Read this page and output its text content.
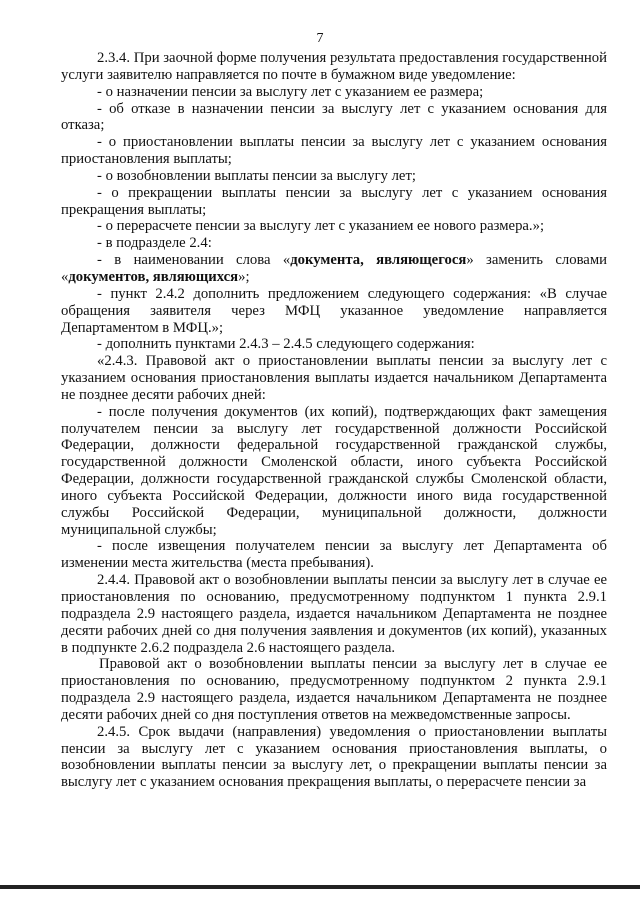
7

2.3.4. При заочной форме получения результата предоставления государственной услуги заявителю направляется по почте в бумажном виде уведомление:

- о назначении пенсии за выслугу лет с указанием ее размера;

- об отказе в назначении пенсии за выслугу лет с указанием основания для отказа;

- о приостановлении выплаты пенсии за выслугу лет с указанием основания приостановления выплаты;

- о возобновлении выплаты пенсии за выслугу лет;

- о прекращении выплаты пенсии за выслугу лет с указанием основания прекращения выплаты;

- о перерасчете пенсии за выслугу лет с указанием ее нового размера.»;

- в подразделе 2.4:

- в наименовании слова «документа, являющегося» заменить словами «документов, являющихся»;

- пункт 2.4.2 дополнить предложением следующего содержания: «В случае обращения заявителя через МФЦ указанное уведомление направляется Департаментом в МФЦ.»;

- дополнить пунктами 2.4.3 – 2.4.5 следующего содержания:

«2.4.3. Правовой акт о приостановлении выплаты пенсии за выслугу лет с указанием основания приостановления выплаты издается начальником Департамента не позднее десяти рабочих дней:

- после получения документов (их копий), подтверждающих факт замещения получателем пенсии за выслугу лет государственной должности Российской Федерации, должности федеральной государственной гражданской службы, государственной должности Смоленской области, иного субъекта Российской Федерации, должности государственной гражданской службы Смоленской области, иного субъекта Российской Федерации, должности иного вида государственной службы Российской Федерации, муниципальной должности, должности муниципальной службы;

- после извещения получателем пенсии за выслугу лет Департамента об изменении места жительства (места пребывания).

2.4.4. Правовой акт о возобновлении выплаты пенсии за выслугу лет в случае ее приостановления по основанию, предусмотренному подпунктом 1 пункта 2.9.1 подраздела 2.9 настоящего раздела, издается начальником Департамента не позднее десяти рабочих дней со дня получения заявления и документов (их копий), указанных в подпункте 2.6.2 подраздела 2.6 настоящего раздела.

Правовой акт о возобновлении выплаты пенсии за выслугу лет в случае ее приостановления по основанию, предусмотренному подпунктом 2 пункта 2.9.1 подраздела 2.9 настоящего раздела, издается начальником Департамента не позднее десяти рабочих дней со дня поступления ответов на межведомственные запросы.

2.4.5. Срок выдачи (направления) уведомления о приостановлении выплаты пенсии за выслугу лет с указанием основания приостановления выплаты, о возобновлении выплаты пенсии за выслугу лет, о прекращении выплаты пенсии за выслугу лет с указанием основания прекращения выплаты, о перерасчете пенсии за
